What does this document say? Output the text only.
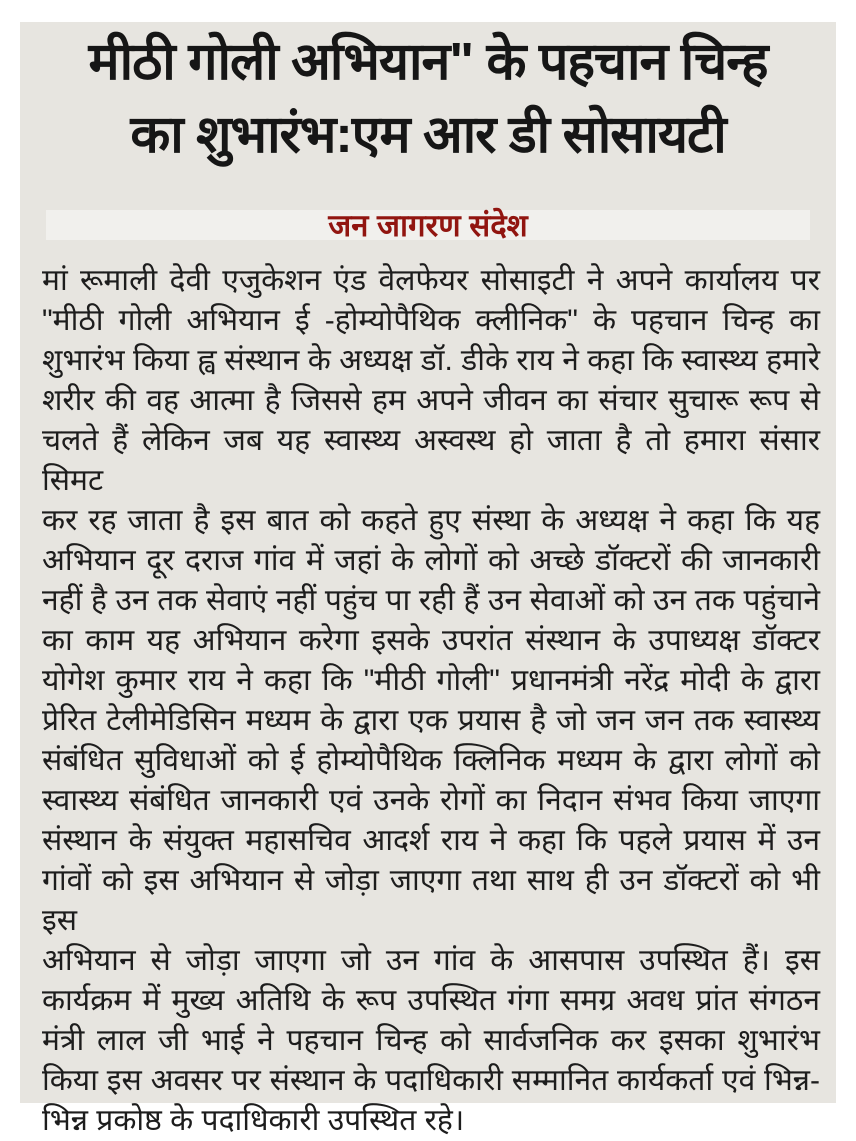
मीठी गोली अभियान" के पहचान चिन्ह
का शुभारंभ:एम आर डी सोसायटी
जन जागरण संदेश
मां रूमाली देवी एजुकेशन एंड वेलफेयर सोसाइटी ने अपने कार्यालय पर
"मीठी गोली अभियान ई -होम्योपैथिक क्लीनिक" के पहचान चिन्ह का
शुभारंभ किया ह्व संस्थान के अध्यक्ष डॉ. डीके राय ने कहा कि स्वास्थ्य हमारे
शरीर की वह आत्मा है जिससे हम अपने जीवन का संचार सुचारू रूप से
चलते हैं लेकिन जब यह स्वास्थ्य अस्वस्थ हो जाता है तो हमारा संसार सिमट
कर रह जाता है इस बात को कहते हुए संस्था के अध्यक्ष ने कहा कि यह
अभियान दूर दराज गांव में जहां के लोगों को अच्छे डॉक्टरों की जानकारी
नहीं है उन तक सेवाएं नहीं पहुंच पा रही हैं उन सेवाओं को उन तक पहुंचाने
का काम यह अभियान करेगा इसके उपरांत संस्थान के उपाध्यक्ष डॉक्टर
योगेश कुमार राय ने कहा कि "मीठी गोली" प्रधानमंत्री नरेंद्र मोदी के द्वारा
प्रेरित टेलीमेडिसिन मध्यम के द्वारा एक प्रयास है जो जन जन तक स्वास्थ्य
संबंधित सुविधाओं को ई होम्योपैथिक क्लिनिक मध्यम के द्वारा लोगों को
स्वास्थ्य संबंधित जानकारी एवं उनके रोगों का निदान संभव किया जाएगा
संस्थान के संयुक्त महासचिव आदर्श राय ने कहा कि पहले प्रयास में उन
गांवों को इस अभियान से जोड़ा जाएगा तथा साथ ही उन डॉक्टरों को भी इस
अभियान से जोड़ा जाएगा जो उन गांव के आसपास उपस्थित हैं। इस
कार्यक्रम में मुख्य अतिथि के रूप उपस्थित गंगा समग्र अवध प्रांत संगठन
मंत्री लाल जी भाई ने पहचान चिन्ह को सार्वजनिक कर इसका शुभारंभ
किया इस अवसर पर संस्थान के पदाधिकारी सम्मानित कार्यकर्ता एवं भिन्न-
भिन्न प्रकोष्ठ के पदाधिकारी उपस्थित रहे।
